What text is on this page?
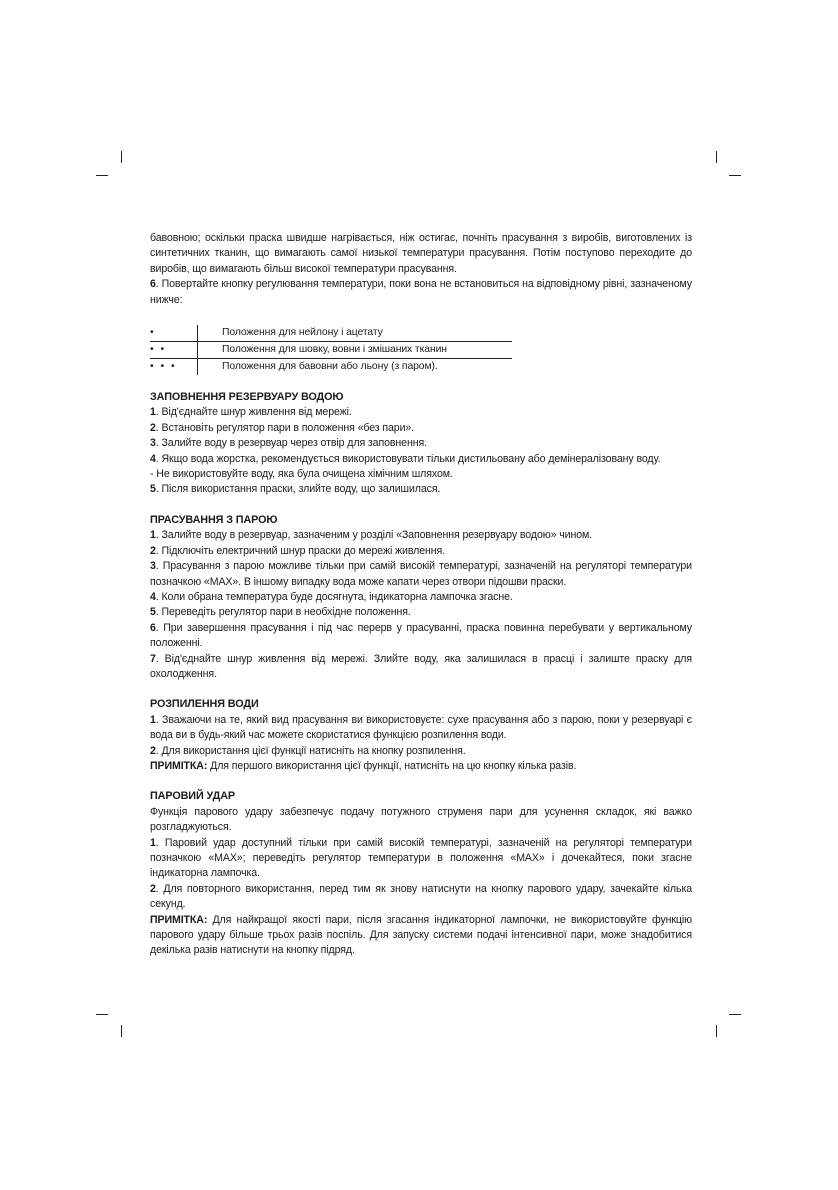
бавовною; оскільки праска швидше нагрівається, ніж остигає, почніть прасування з виробів, виготовлених із синтетичних тканин, що вимагають самої низької температури прасування. Потім поступово переходите до виробів, що вимагають більш високої температури прасування.

6. Повертайте кнопку регулювання температури, поки вона не встановиться на відповідному рівні, зазначеному нижче:

•	Положення для нейлону і ацетату
• •	Положення для шовку, вовни і змішаних тканин
• • •	Положення для бавовни або льону (з паром).

ЗАПОВНЕННЯ РЕЗЕРВУАРУ ВОДОЮ

1. Від'єднайте шнур живлення від мережі.

2. Встановіть регулятор пари в положення «без пари».

3. Залийте воду в резервуар через отвір для заповнення.

4. Якщо вода жорстка, рекомендується використовувати тільки дистильовану або демінералізовану воду.

- Не використовуйте воду, яка була очищена хімічним шляхом.

5. Після використання праски, злийте воду, що залишилася.

ПРАСУВАННЯ З ПАРОЮ

1. Залийте воду в резервуар, зазначеним у розділі «Заповнення резервуару водою» чином.

2. Підключіть електричний шнур праски до мережі живлення.

3. Прасування з парою можливе тільки при самій високій температурі, зазначеній на регуляторі температури позначкою «MAX». В іншому випадку вода може капати через отвори підошви праски.

4. Коли обрана температура буде досягнута, індикаторна лампочка згасне.

5. Переведіть регулятор пари в необхідне положення.

6. При завершення прасування і під час перерв у прасуванні, праска повинна перебувати у вертикальному положенні.

7. Від'єднайте шнур живлення від мережі. Злийте воду, яка залишилася в прасці і залиште праску для охолодження.

РОЗПИЛЕННЯ ВОДИ

1. Зважаючи на те, який вид прасування ви використовуєте: сухе прасування або з парою, поки у резервуарі є вода ви в будь-який час можете скористатися функцією розпилення води.

2. Для використання цієї функції натисніть на кнопку розпилення.

ПРИМІТКА: Для першого використання цієї функції, натисніть на цю кнопку кілька разів.

ПАРОВИЙ УДАР

Функція парового удару забезпечує подачу потужного струменя пари для усунення складок, які важко розгладжуються.

1. Паровий удар доступний тільки при самій високій температурі, зазначеній на регуляторі температури позначкою «MAX»; переведіть регулятор температури в положення «MAX» і дочекайтеся, поки згасне індикаторна лампочка.

2. Для повторного використання, перед тим як знову натиснути на кнопку парового удару, зачекайте кілька секунд.

ПРИМІТКА: Для найкращої якості пари, після згасання індикаторної лампочки, не використовуйте функцію парового удару більше трьох разів поспіль. Для запуску системи подачі інтенсивної пари, може знадобитися декілька разів натиснути на кнопку підряд.
